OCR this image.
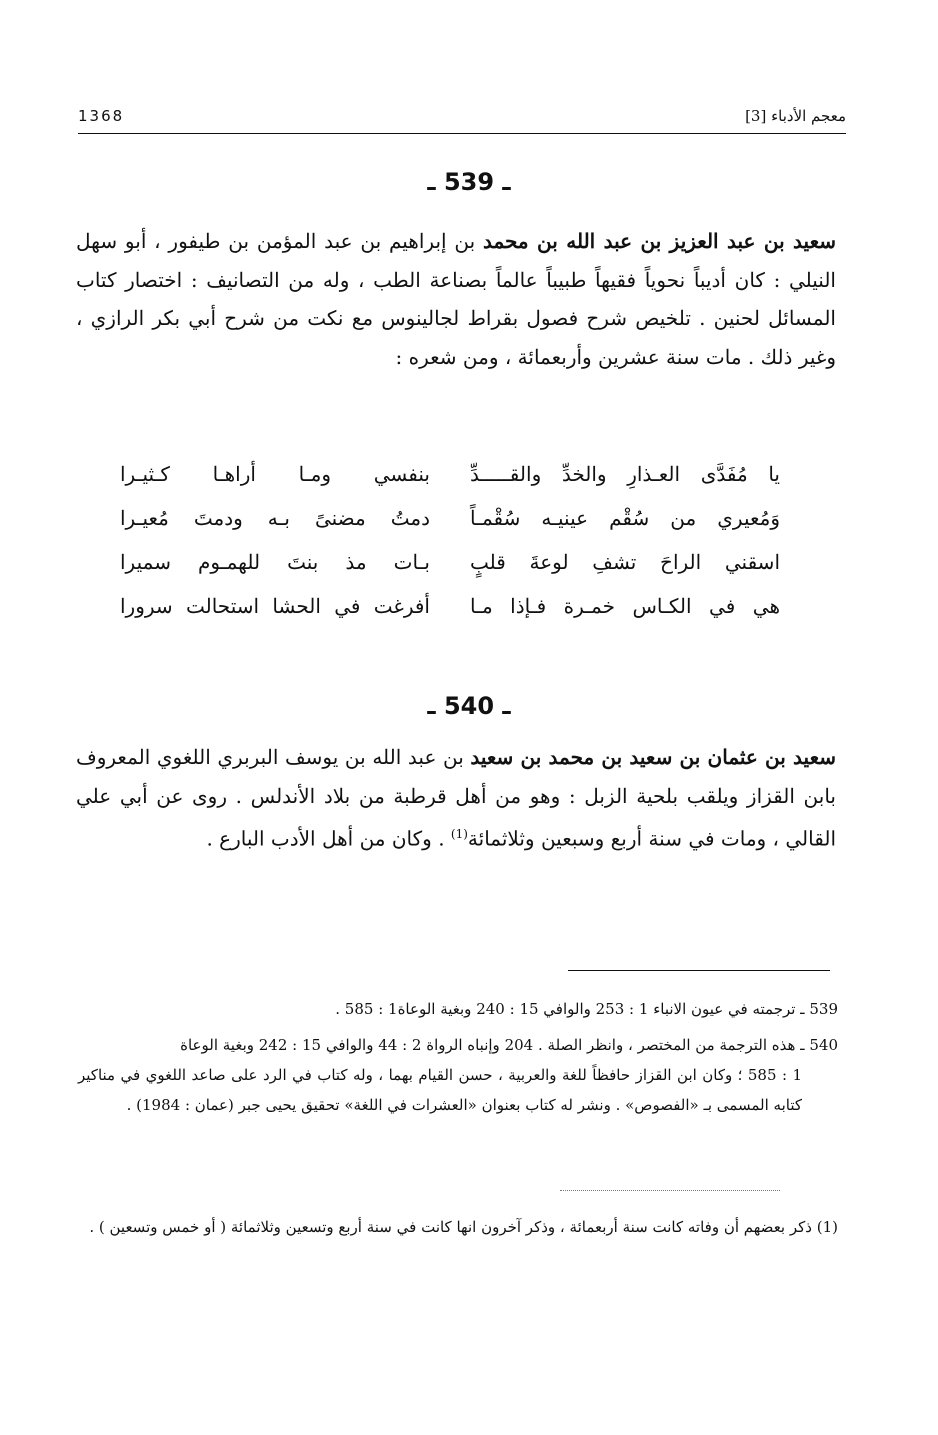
1368	معجم الأدباء [3]
ـ 539 ـ
سعيد بن عبد العزيز بن عبد الله بن محمد بن إبراهيم بن عبد المؤمن بن طيفور ، أبو سهل النيلي : كان أديباً نحوياً فقيهاً طبيباً عالماً بصناعة الطب ، وله من التصانيف : اختصار كتاب المسائل لحنين . تلخيص شرح فصول بقراط لجالينوس مع نكت من شرح أبي بكر الرازي ، وغير ذلك . مات سنة عشرين وأربعمائة ، ومن شعره :
يا مُفَدَّى العـذارِ والخدِّ والقـــــدِّ
بنفسي ومـا أراهـا كـثيـرا
وَمُعيري من سُقْم عينيـه سُقْمـاً
دمتُ مضنىً بـه ودمتَ مُعيـرا
اسقني الراحَ تشفِ لوعةَ قلبٍ
بـات مذ بنتَ للهمـوم سميرا
هي في الكـاس خمـرة فـإذا مـا
أفرغت في الحشا استحالت سرورا
ـ 540 ـ
سعيد بن عثمان بن سعيد بن محمد بن سعيد بن عبد الله بن يوسف البربري اللغوي المعروف بابن القزاز ويلقب بلحية الزبل : وهو من أهل قرطبة من بلاد الأندلس . روى عن أبي علي القالي ، ومات في سنة أربع وسبعين وثلاثمائة$^{(1)}$ . وكان من أهل الأدب البارع .
539 ـ ترجمته في عيون الانباء 1 : 253 والوافي 15 : 240 وبغية الوعاة1 : 585 .
540 ـ هذه الترجمة من المختصر ، وانظر الصلة . 204 وإنباه الرواة 2 : 44 والوافي 15 : 242 وبغية الوعاة
1 : 585 ؛ وكان ابن القزاز حافظاً للغة والعربية ، حسن القيام بهما ، وله كتاب في الرد على صاعد اللغوي في مناكير كتابه المسمى بـ «الفصوص» . ونشر له كتاب بعنوان «العشرات في اللغة» تحقيق يحيى جبر (عمان : 1984) .
(1) ذكر بعضهم أن وفاته كانت سنة أربعمائة ، وذكر آخرون انها كانت في سنة أربع وتسعين وثلاثمائة ( أو خمس وتسعين ) .
